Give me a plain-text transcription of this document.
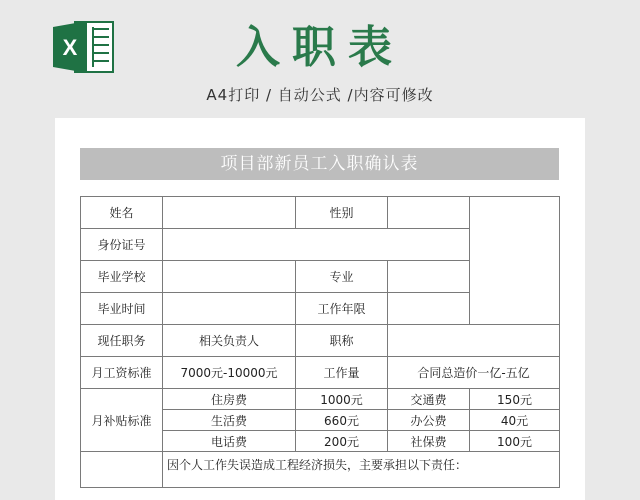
X	入职表
A4打印 / 自动公式 /内容可修改
项目部新员工入职确认表
姓名		性别		
身份证号				
毕业学校		专业		
毕业时间		工作年限		
现任职务	相关负责人	职称		
月工资标准	7000元-10000元	工作量	合同总造价一亿-五亿	
月补贴标准	住房费	1000元	交通费	150元
	生活费	660元	办公费	40元
	电话费	200元	社保费	100元
	因个人工作失误造成工程经济损失，主要承担以下责任：			
